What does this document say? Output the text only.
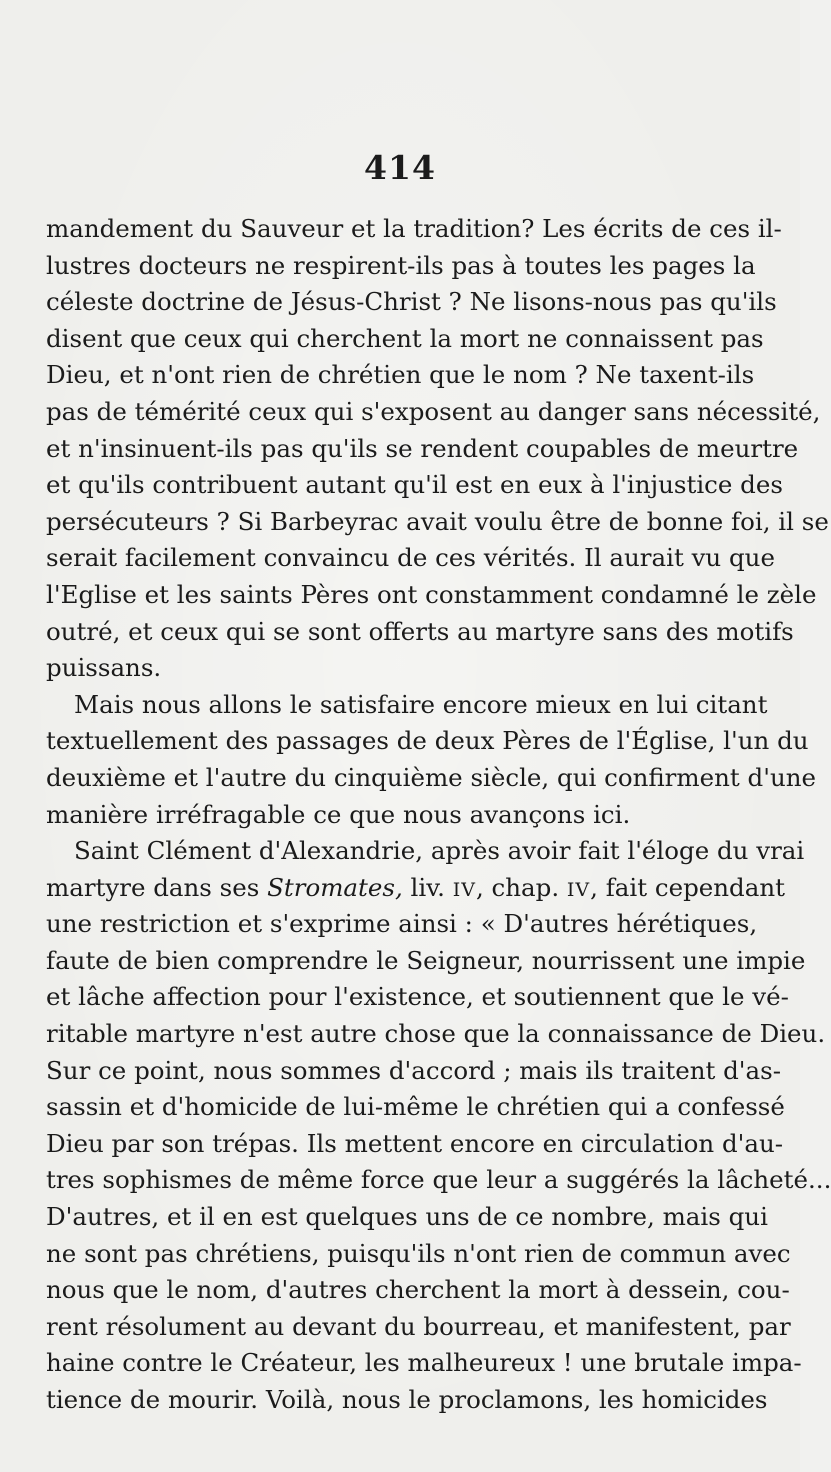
414
mandement du Sauveur et la tradition? Les écrits de ces il-
lustres docteurs ne respirent-ils pas à toutes les pages la
céleste doctrine de Jésus-Christ ? Ne lisons-nous pas qu'ils
disent que ceux qui cherchent la mort ne connaissent pas
Dieu, et n'ont rien de chrétien que le nom ? Ne taxent-ils
pas de témérité ceux qui s'exposent au danger sans nécessité,
et n'insinuent-ils pas qu'ils se rendent coupables de meurtre
et qu'ils contribuent autant qu'il est en eux à l'injustice des
persécuteurs ? Si Barbeyrac avait voulu être de bonne foi, il se
serait facilement convaincu de ces vérités. Il aurait vu que
l'Eglise et les saints Pères ont constamment condamné le zèle
outré, et ceux qui se sont offerts au martyre sans des motifs
puissans.
Mais nous allons le satisfaire encore mieux en lui citant
textuellement des passages de deux Pères de l'Église, l'un du
deuxième et l'autre du cinquième siècle, qui confirment d'une
manière irréfragable ce que nous avançons ici.
Saint Clément d'Alexandrie, après avoir fait l'éloge du vrai
martyre dans ses Stromates, liv. IV, chap. IV, fait cependant
une restriction et s'exprime ainsi : « D'autres hérétiques,
faute de bien comprendre le Seigneur, nourrissent une impie
et lâche affection pour l'existence, et soutiennent que le vé-
ritable martyre n'est autre chose que la connaissance de Dieu.
Sur ce point, nous sommes d'accord ; mais ils traitent d'as-
sassin et d'homicide de lui-même le chrétien qui a confessé
Dieu par son trépas. Ils mettent encore en circulation d'au-
tres sophismes de même force que leur a suggérés la lâcheté...
D'autres, et il en est quelques uns de ce nombre, mais qui
ne sont pas chrétiens, puisqu'ils n'ont rien de commun avec
nous que le nom, d'autres cherchent la mort à dessein, cou-
rent résolument au devant du bourreau, et manifestent, par
haine contre le Créateur, les malheureux ! une brutale impa-
tience de mourir. Voilà, nous le proclamons, les homicides
